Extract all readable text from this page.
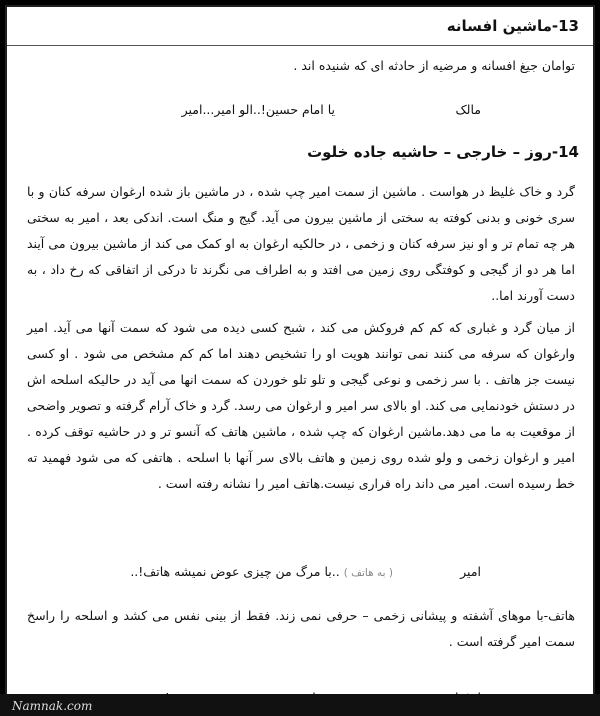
13-ماشین افسانه
توامان جیغ افسانه و مرضیه از حادثه ای که شنیده اند .
مالک
یا امام حسین!..الو امیر...امیر
14-روز – خارجی – حاشیه جاده خلوت
گرد و خاک غلیظ در هواست . ماشین از سمت امیر چپ شده ، در ماشین باز شده ارغوان سرفه کنان و با سری خونی و بدنی کوفته به سختی از ماشین بیرون می آید. گیج و منگ است. اندکی بعد ، امیر به سختی هر چه تمام تر و او نیز سرفه کنان و زخمی ، در حالکیه ارغوان به او کمک می کند از ماشین بیرون می آیند اما هر دو از گیجی و کوفتگی روی زمین می افتد و به اطراف می نگرند تا درکی از اتفاقی که رخ داد ، به دست آورند اما..
از میان گرد و غباری که کم کم فروکش می کند ، شبح کسی دیده می شود که سمت آنها می آید. امیر وارغوان که سرفه می کنند نمی توانند هویت او را تشخیص دهند اما کم کم مشخص می شود . او کسی نیست جز هاتف . با سر زخمی و نوعی گیجی و تلو تلو خوردن که سمت انها می آید در حالیکه اسلحه اش در دستش خودنمایی می کند. او بالای سر امیر و ارغوان می رسد. گرد و خاک آرام گرفته و تصویر واضحی از موقعیت به ما می دهد.ماشین ارغوان که چپ شده ، ماشین هاتف که آنسو تر و در حاشیه توقف کرده . امیر و ارغوان زخمی و ولو شده روی زمین و هاتف بالای سر آنها با اسلحه . هاتفی که می شود فهمید ته خط رسیده است. امیر می داند راه فراری نیست.هاتف امیر را نشانه رفته است .
امیر
( به هاتف ) ..با مرگ من چیزی عوض نمیشه هاتف!..
هاتف-با موهای آشفته و پیشانی زخمی – حرفی نمی زند. فقط از بینی نفس می کشد و اسلحه را راسخ سمت امیر گرفته است .
Namnak.com
